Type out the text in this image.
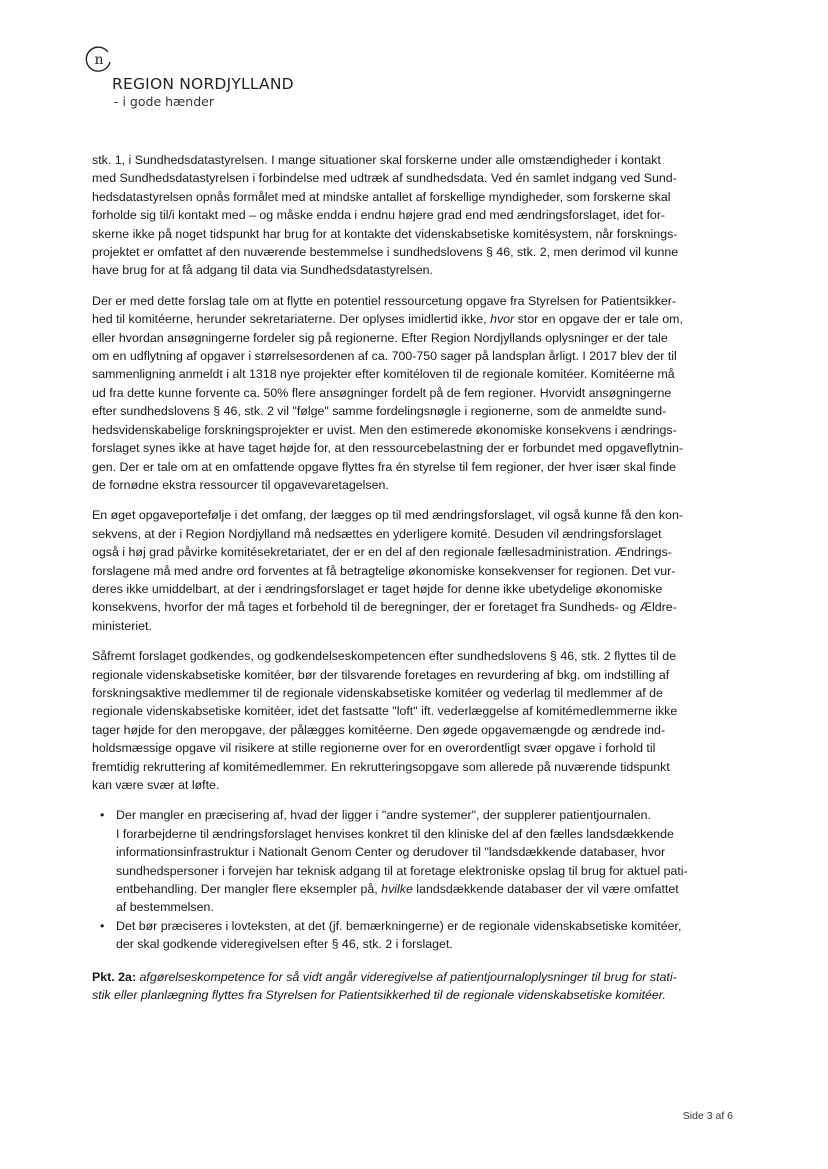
n
REGION NORDJYLLAND
- i gode hænder

stk. 1, i Sundhedsdatastyrelsen. I mange situationer skal forskerne under alle omstændigheder i kontakt
med Sundhedsdatastyrelsen i forbindelse med udtræk af sundhedsdata. Ved én samlet indgang ved Sund-
hedsdatastyrelsen opnås formålet med at mindske antallet af forskellige myndigheder, som forskerne skal
forholde sig til/i kontakt med – og måske endda i endnu højere grad end med ændringsforslaget, idet for-
skerne ikke på noget tidspunkt har brug for at kontakte det videnskabsetiske komitésystem, når forsknings-
projektet er omfattet af den nuværende bestemmelse i sundhedslovens § 46, stk. 2, men derimod vil kunne
have brug for at få adgang til data via Sundhedsdatastyrelsen.

Der er med dette forslag tale om at flytte en potentiel ressourcetung opgave fra Styrelsen for Patientsikker-
hed til komitéerne, herunder sekretariaterne. Der oplyses imidlertid ikke, hvor stor en opgave der er tale om,
eller hvordan ansøgningerne fordeler sig på regionerne. Efter Region Nordjyllands oplysninger er der tale
om en udflytning af opgaver i størrelsesordenen af ca. 700-750 sager på landsplan årligt. I 2017 blev der til
sammenligning anmeldt i alt 1318 nye projekter efter komitéloven til de regionale komitéer. Komitéerne må
ud fra dette kunne forvente ca. 50% flere ansøgninger fordelt på de fem regioner. Hvorvidt ansøgningerne
efter sundhedslovens § 46, stk. 2 vil "følge" samme fordelingsnøgle i regionerne, som de anmeldte sund-
hedsvidenskabelige forskningsprojekter er uvist. Men den estimerede økonomiske konsekvens i ændrings-
forslaget synes ikke at have taget højde for, at den ressourcebelastning der er forbundet med opgaveflytnin-
gen. Der er tale om at en omfattende opgave flyttes fra én styrelse til fem regioner, der hver især skal finde
de fornødne ekstra ressourcer til opgavevaretagelsen.

En øget opgaveportefølje i det omfang, der lægges op til med ændringsforslaget, vil også kunne få den kon-
sekvens, at der i Region Nordjylland må nedsættes en yderligere komité. Desuden vil ændringsforslaget
også i høj grad påvirke komitésekretariatet, der er en del af den regionale fællesadministration. Ændrings-
forslagene må med andre ord forventes at få betragtelige økonomiske konsekvenser for regionen. Det vur-
deres ikke umiddelbart, at der i ændringsforslaget er taget højde for denne ikke ubetydelige økonomiske
konsekvens, hvorfor der må tages et forbehold til de beregninger, der er foretaget fra Sundheds- og Ældre-
ministeriet.

Såfremt forslaget godkendes, og godkendelseskompetencen efter sundhedslovens § 46, stk. 2 flyttes til de
regionale videnskabsetiske komitéer, bør der tilsvarende foretages en revurdering af bkg. om indstilling af
forskningsaktive medlemmer til de regionale videnskabsetiske komitéer og vederlag til medlemmer af de
regionale videnskabsetiske komitéer, idet det fastsatte "loft" ift. vederlæggelse af komitémedlemmerne ikke
tager højde for den meropgave, der pålægges komitéerne. Den øgede opgavemængde og ændrede ind-
holdsmæssige opgave vil risikere at stille regionerne over for en overordentligt svær opgave i forhold til
fremtidig rekruttering af komitémedlemmer. En rekrutteringsopgave som allerede på nuværende tidspunkt
kan være svær at løfte.

• Der mangler en præcisering af, hvad der ligger i "andre systemer", der supplerer patientjournalen.
I forarbejderne til ændringsforslaget henvises konkret til den kliniske del af den fælles landsdækkende
informationsinfrastruktur i Nationalt Genom Center og derudover til "landsdækkende databaser, hvor
sundhedspersoner i forvejen har teknisk adgang til at foretage elektroniske opslag til brug for aktuel pati-
entbehandling. Der mangler flere eksempler på, hvilke landsdækkende databaser der vil være omfattet
af bestemmelsen.
• Det bør præciseres i lovteksten, at det (jf. bemærkningerne) er de regionale videnskabsetiske komitéer,
der skal godkende videregivelsen efter § 46, stk. 2 i forslaget.

Pkt. 2a: afgørelseskompetence for så vidt angår videregivelse af patientjournaloplysninger til brug for stati-
stik eller planlægning flyttes fra Styrelsen for Patientsikkerhed til de regionale videnskabsetiske komitéer.

Side 3 af 6
